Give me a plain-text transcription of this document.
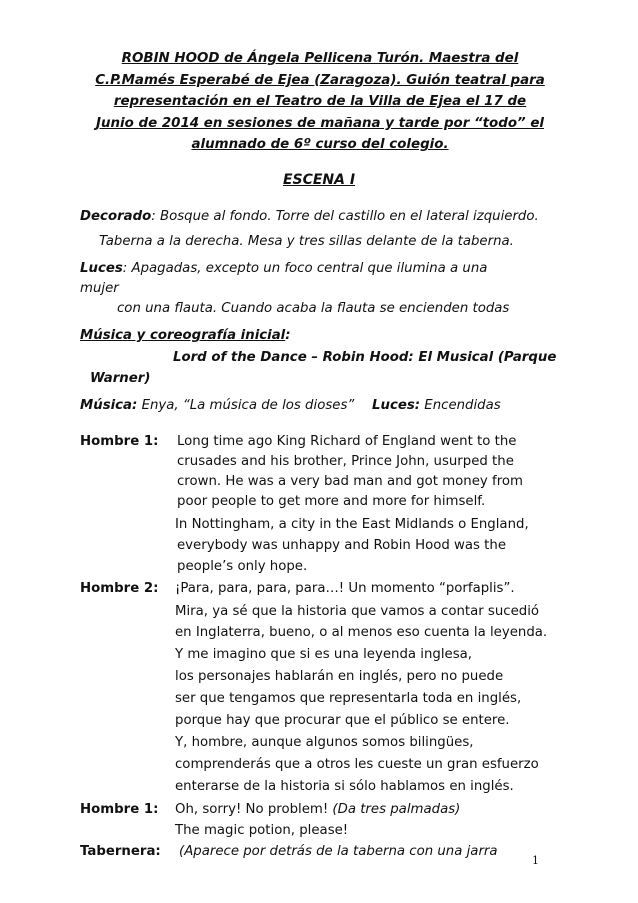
ROBIN HOOD de Ángela Pellicena Turón. Maestra del
C.P.Mamés Esperabé de Ejea (Zaragoza). Guión teatral para
representación en el Teatro de la Villa de Ejea el 17 de
Junio de 2014 en sesiones de mañana y tarde por “todo” el
alumnado de 6º curso del colegio.
ESCENA I
Decorado: Bosque al fondo. Torre del castillo en el lateral izquierdo.
Taberna a la derecha. Mesa y tres sillas delante de la taberna.
Luces: Apagadas, excepto un foco central que ilumina a una
mujer
con una flauta. Cuando acaba la flauta se encienden todas
Música y coreografía inicial:
Lord of the Dance – Robin Hood: El Musical (Parque
Warner)
Música: Enya, “La música de los dioses” Luces: Encendidas
Hombre 1: Long time ago King Richard of England went to the
crusades and his brother, Prince John, usurped the
crown. He was a very bad man and got money from
poor people to get more and more for himself.
In Nottingham, a city in the East Midlands o England,
everybody was unhappy and Robin Hood was the
people’s only hope.
Hombre 2: ¡Para, para, para, para…! Un momento “porfaplis”.
Mira, ya sé que la historia que vamos a contar sucedió
en Inglaterra, bueno, o al menos eso cuenta la leyenda.
Y me imagino que si es una leyenda inglesa,
los personajes hablarán en inglés, pero no puede
ser que tengamos que representarla toda en inglés,
porque hay que procurar que el público se entere.
Y, hombre, aunque algunos somos bilingües,
comprenderás que a otros les cueste un gran esfuerzo
enterarse de la historia si sólo hablamos en inglés.
Hombre 1: Oh, sorry! No problem! (Da tres palmadas)
The magic potion, please!
Tabernera: (Aparece por detrás de la taberna con una jarra
1
